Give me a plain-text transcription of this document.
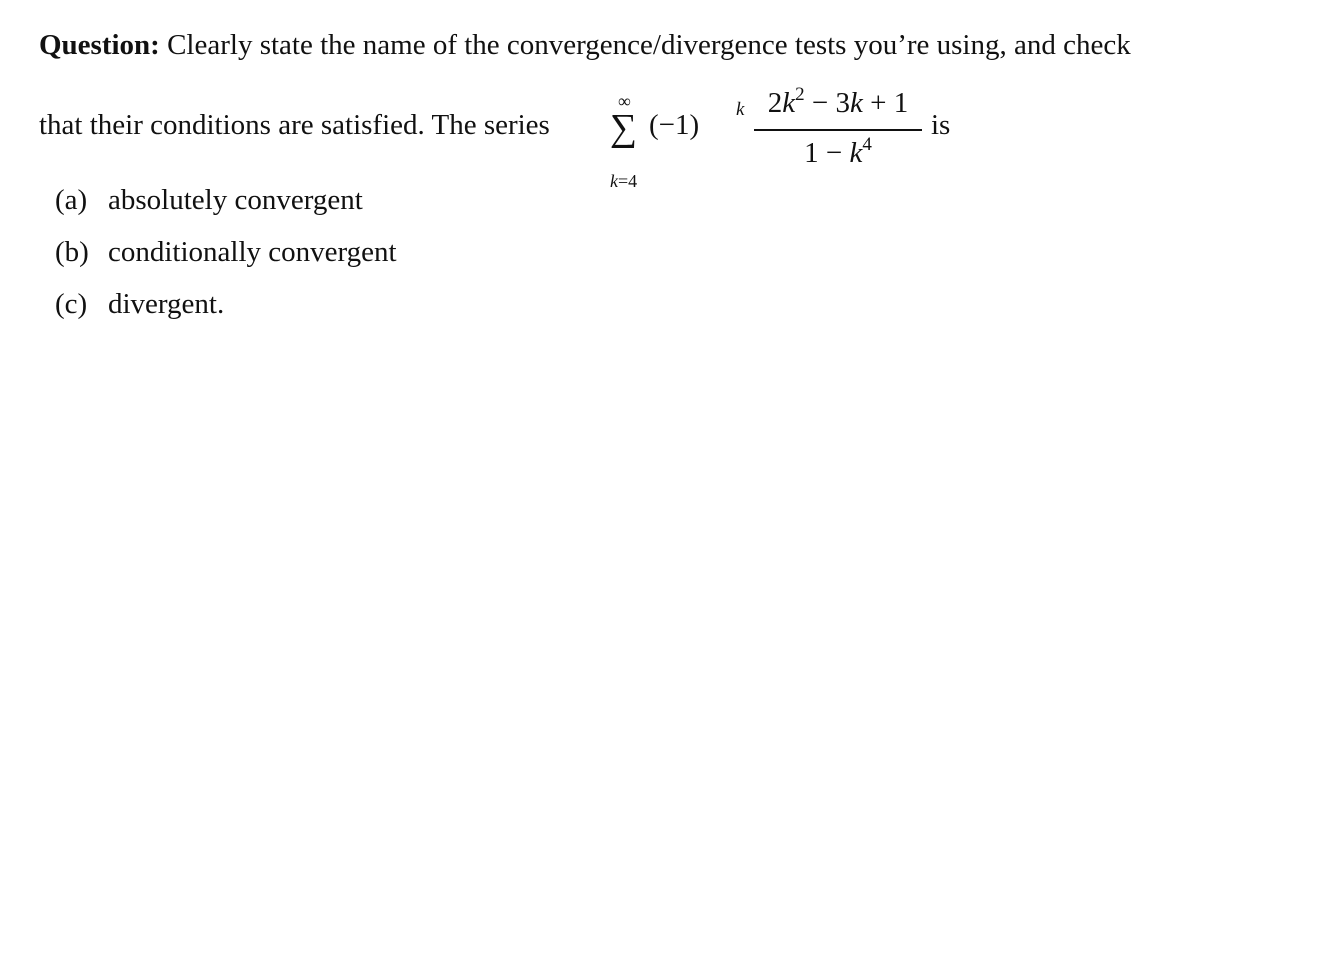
Question: Clearly state the name of the convergence/divergence tests you’re using, and check
that their conditions are satisfied. The series
∞
∑
k=4
(−1) k $2k^2 - 3k + 1$
$1 - k^4$
is
(a) absolutely convergent
(b) conditionally convergent
(c) divergent.
